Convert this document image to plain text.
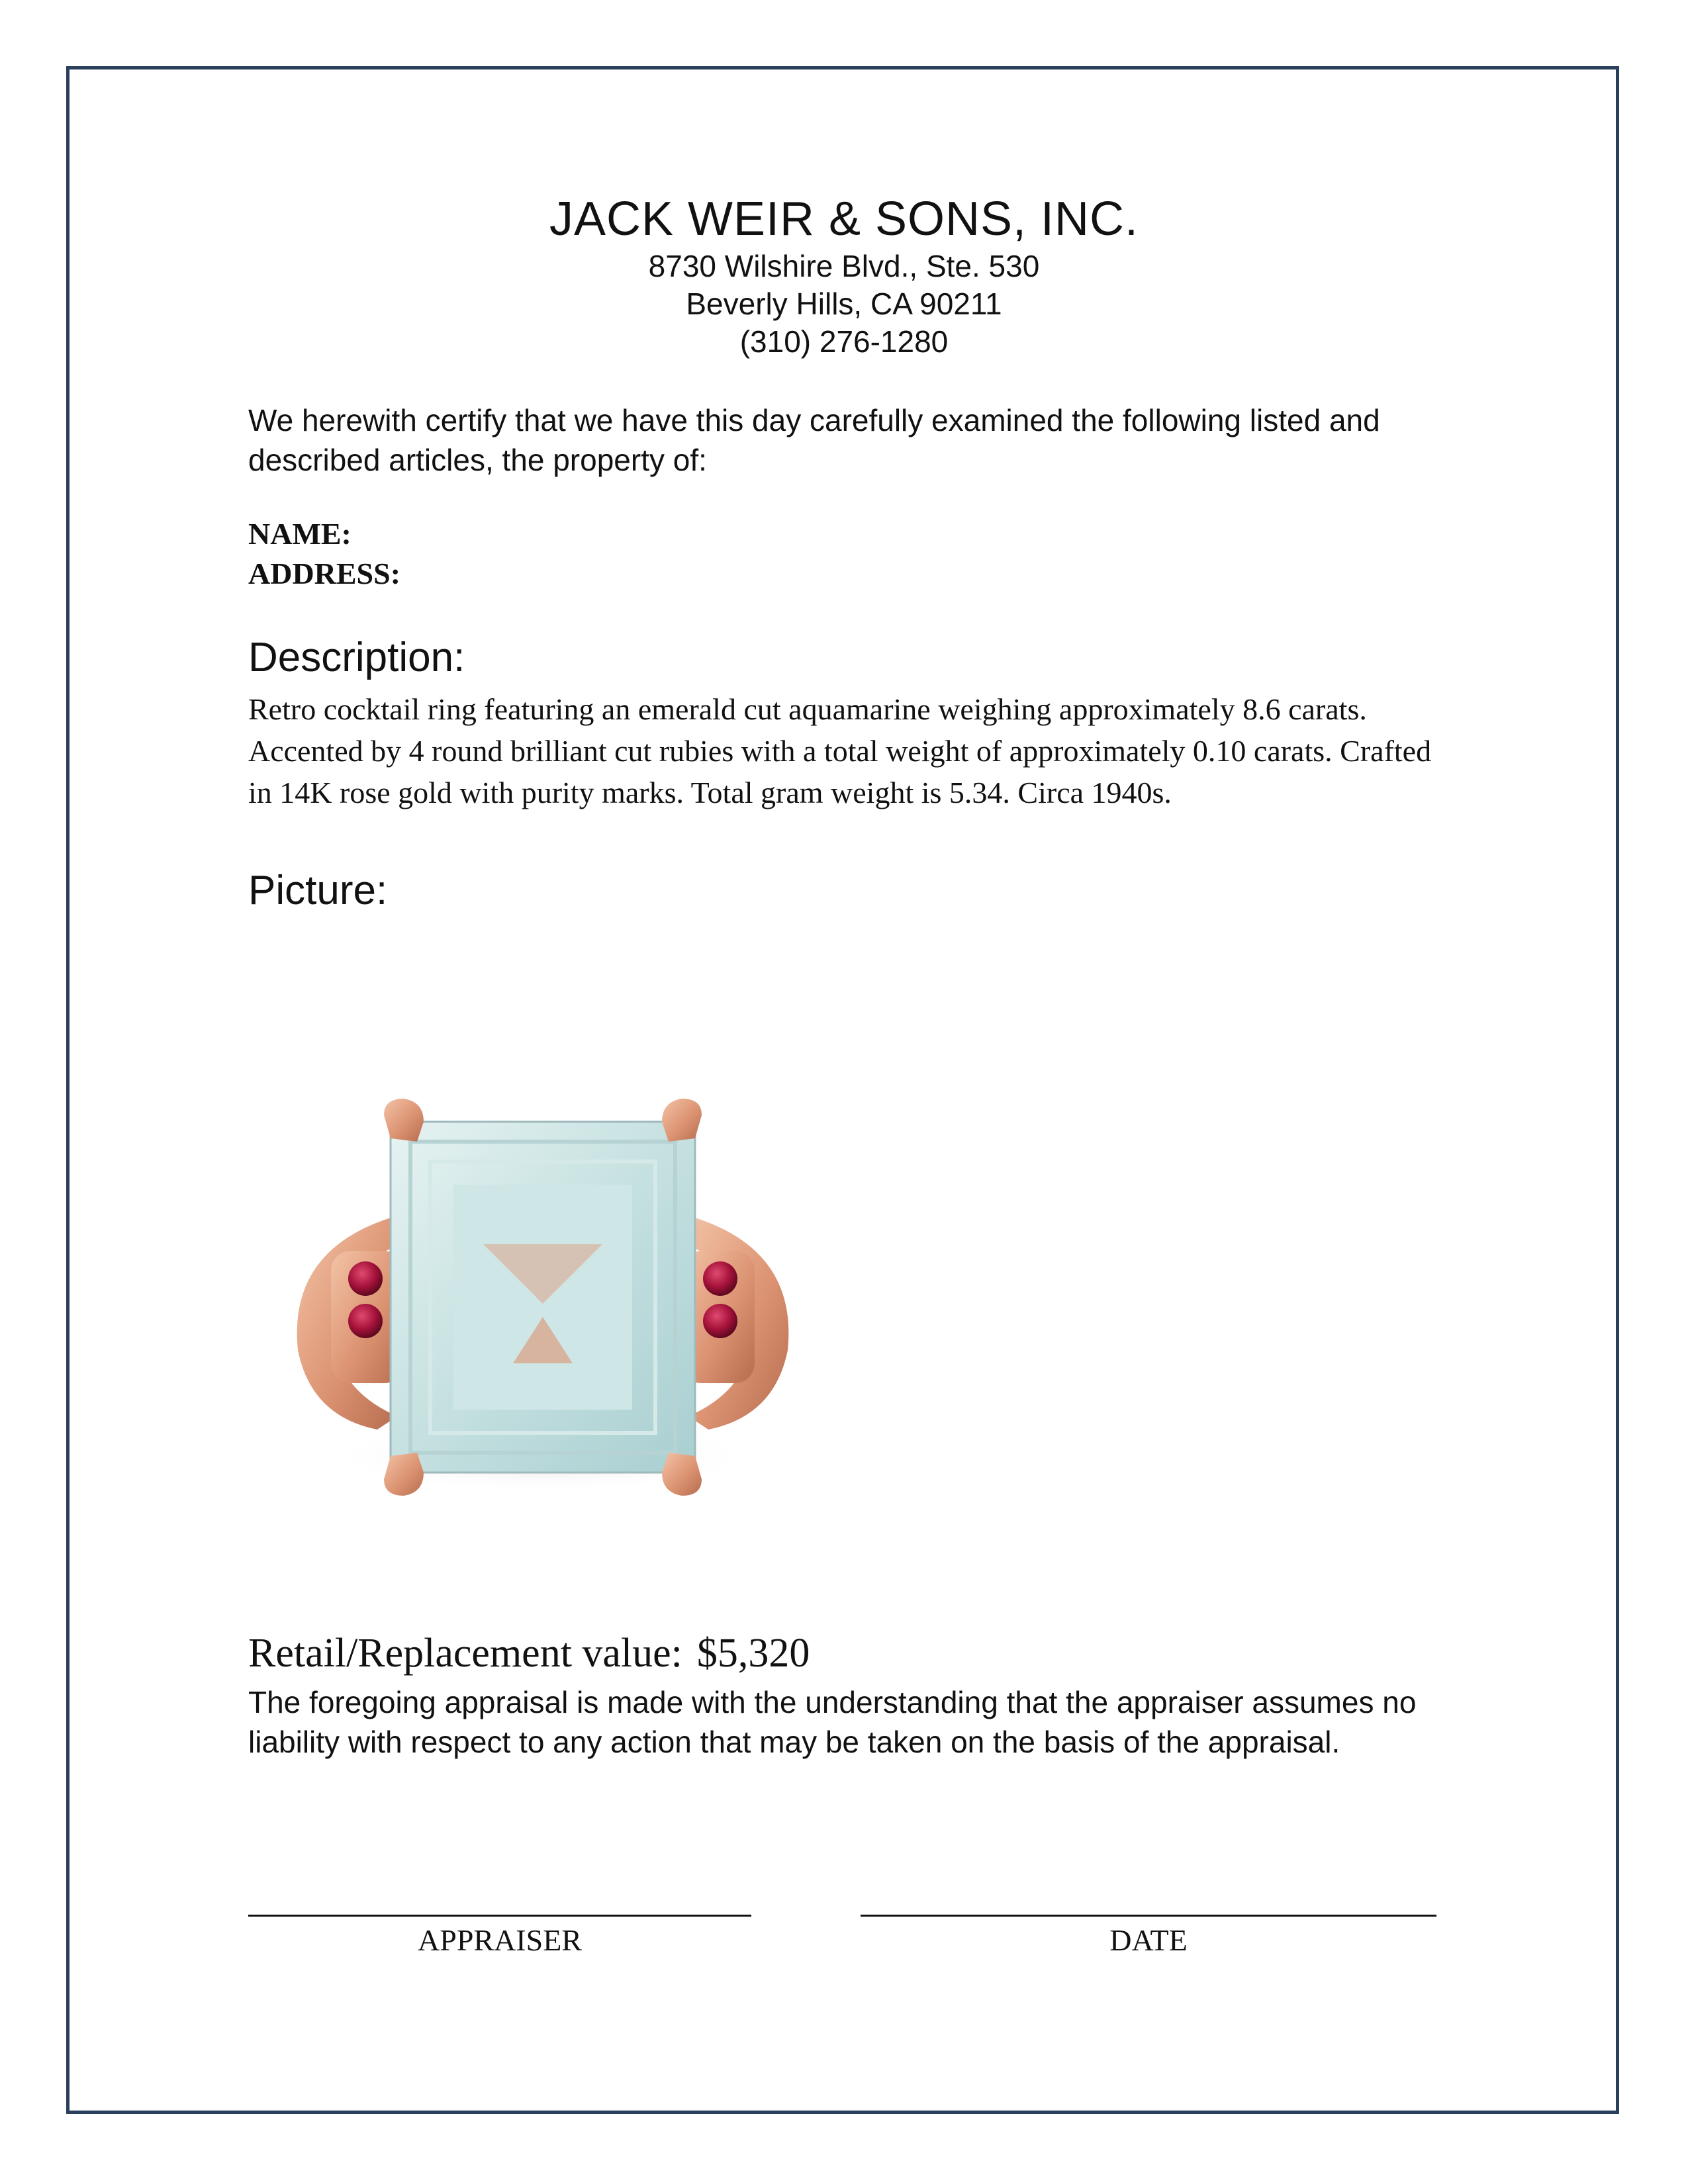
JACK WEIR & SONS, INC.
8730 Wilshire Blvd., Ste. 530
Beverly Hills, CA 90211
(310) 276-1280
We herewith certify that we have this day carefully examined the following listed and described articles, the property of:
NAME:
ADDRESS:
Description:
Retro cocktail ring featuring an emerald cut aquamarine weighing approximately 8.6 carats. Accented by 4 round brilliant cut rubies with a total weight of approximately 0.10 carats. Crafted in 14K rose gold with purity marks. Total gram weight is 5.34. Circa 1940s.
Picture:
Retail/Replacement value: $5,320
The foregoing appraisal is made with the understanding that the appraiser assumes no liability with respect to any action that may be taken on the basis of the appraisal.
APPRAISER	DATE
